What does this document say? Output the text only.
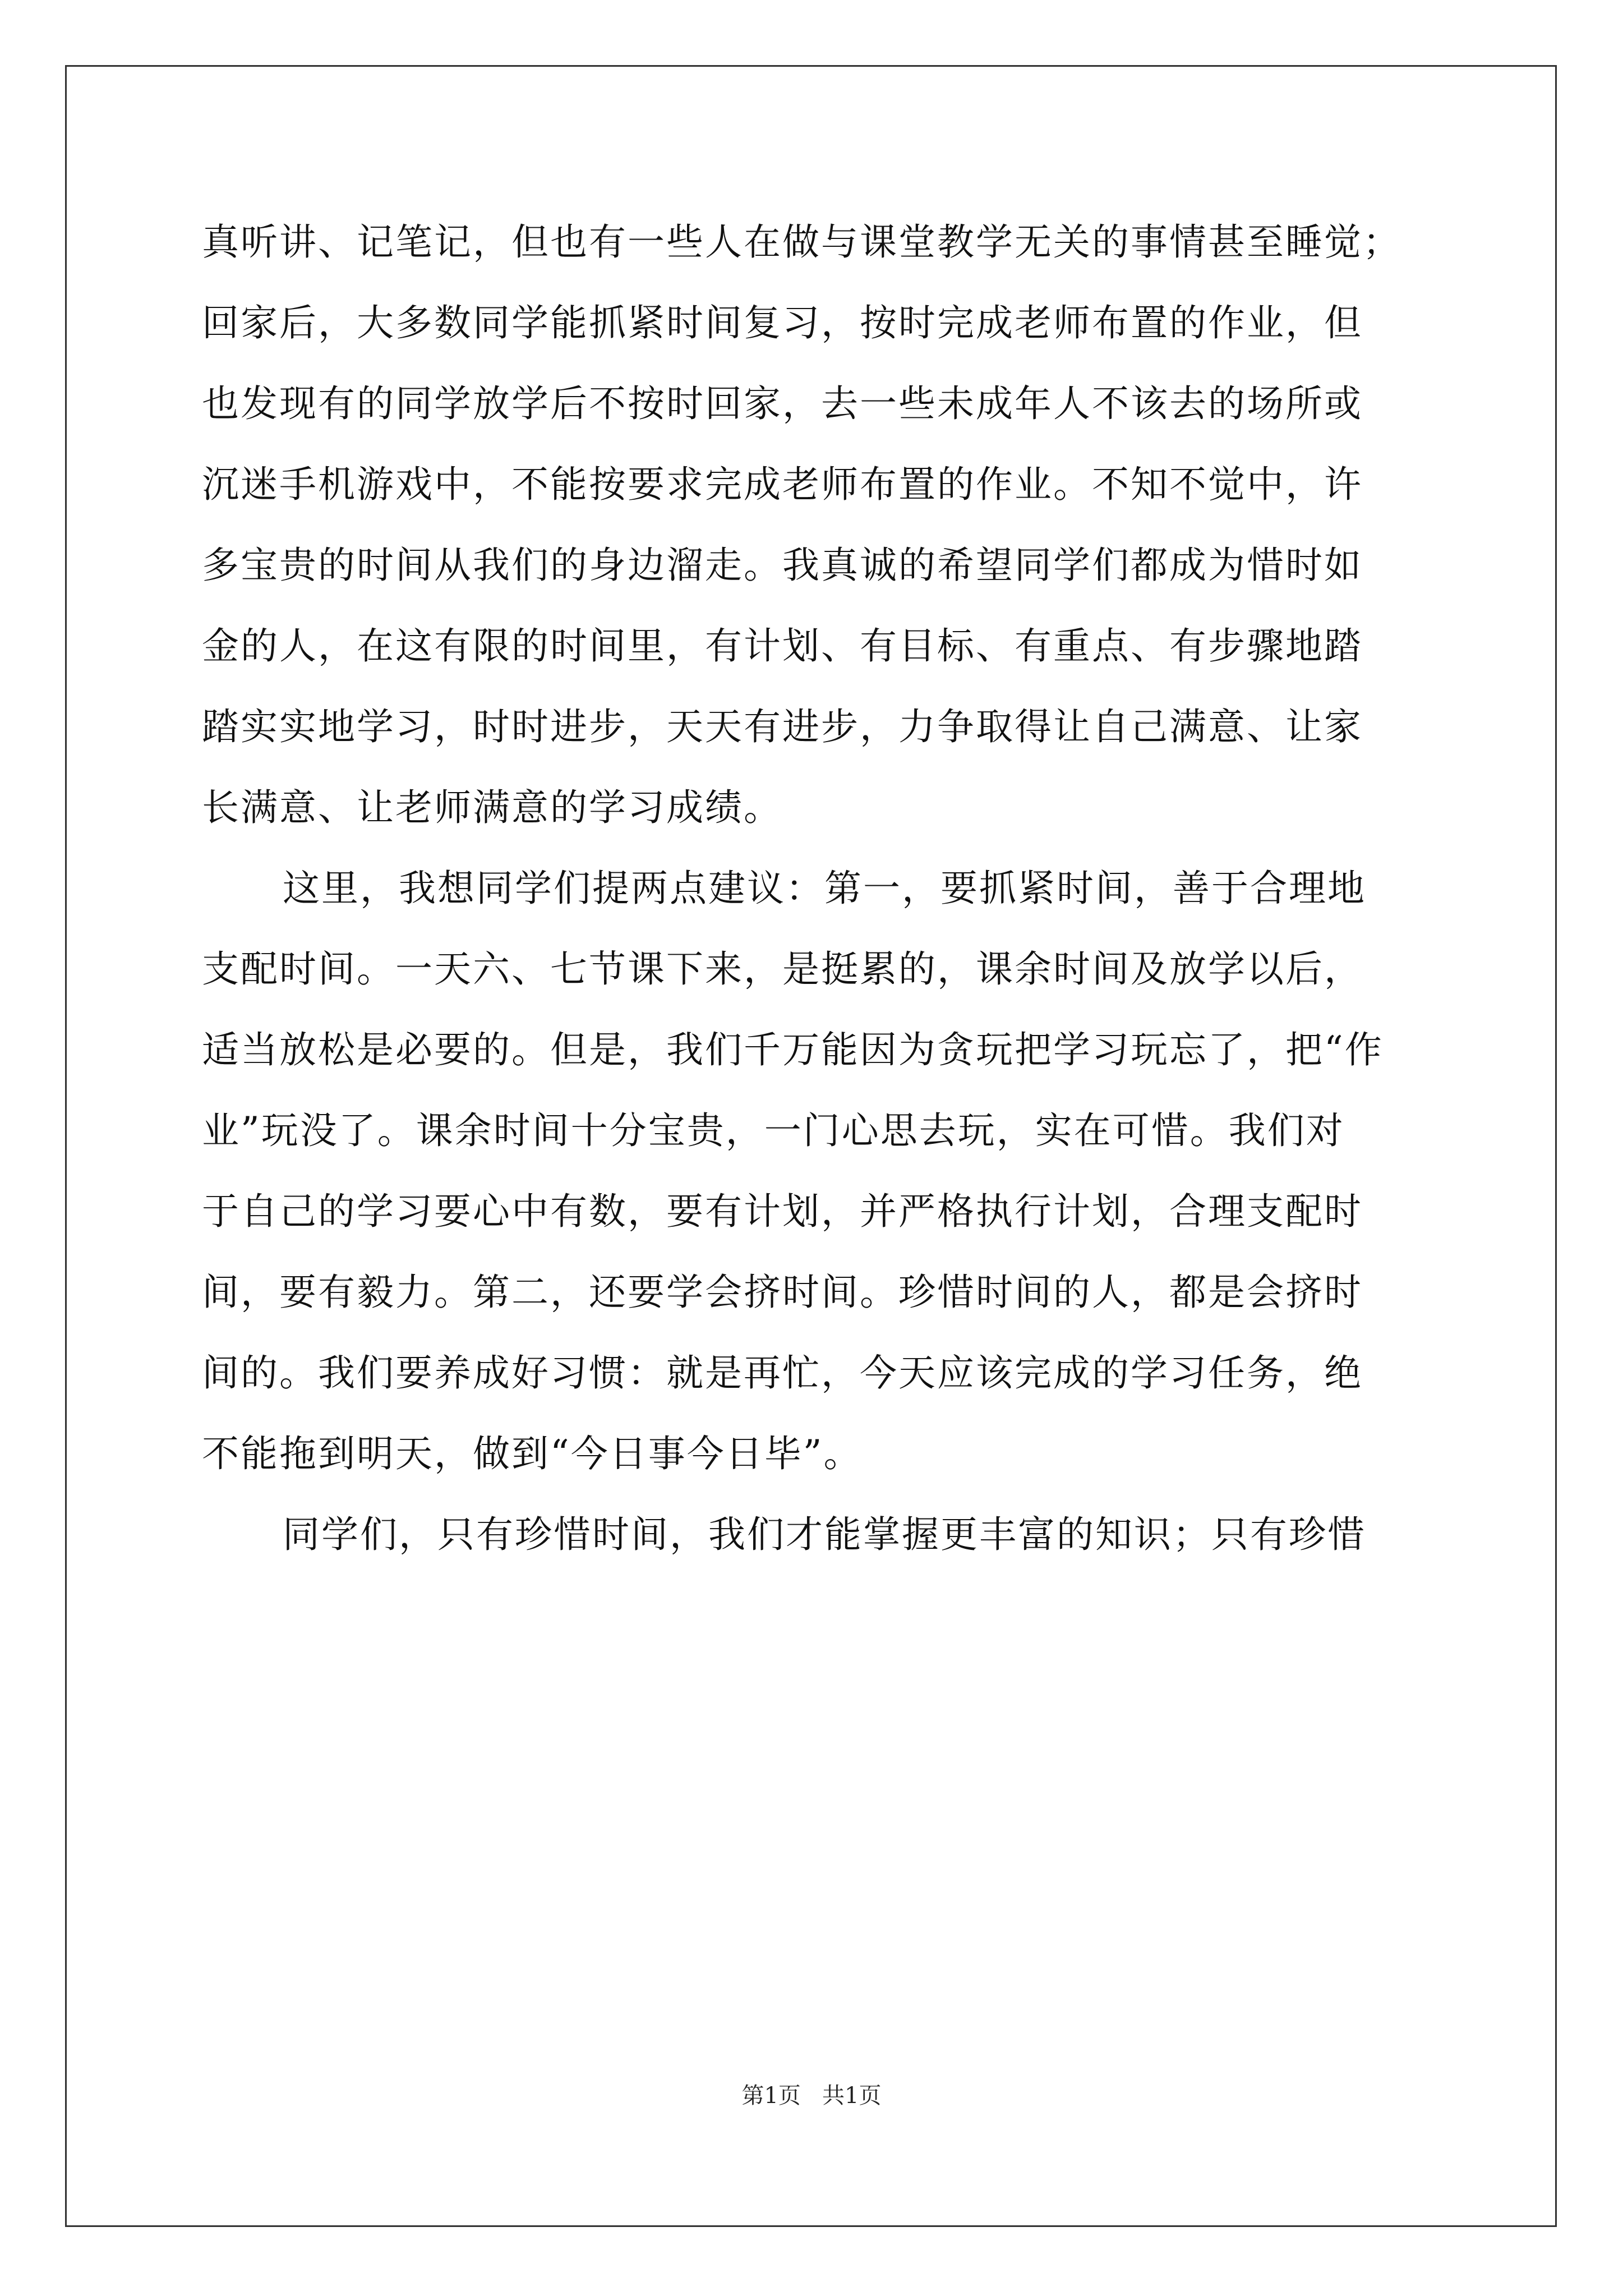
真听讲、记笔记，但也有一些人在做与课堂教学无关的事情甚至睡觉；
回家后，大多数同学能抓紧时间复习，按时完成老师布置的作业，但
也发现有的同学放学后不按时回家，去一些未成年人不该去的场所或
沉迷手机游戏中，不能按要求完成老师布置的作业。不知不觉中，许
多宝贵的时间从我们的身边溜走。我真诚的希望同学们都成为惜时如
金的人，在这有限的时间里，有计划、有目标、有重点、有步骤地踏
踏实实地学习，时时进步，天天有进步，力争取得让自己满意、让家
长满意、让老师满意的学习成绩。

这里，我想同学们提两点建议：第一，要抓紧时间，善于合理地
支配时间。一天六、七节课下来，是挺累的，课余时间及放学以后，
适当放松是必要的。但是，我们千万能因为贪玩把学习玩忘了，把“作
业”玩没了。课余时间十分宝贵，一门心思去玩，实在可惜。我们对
于自己的学习要心中有数，要有计划，并严格执行计划，合理支配时
间，要有毅力。第二，还要学会挤时间。珍惜时间的人，都是会挤时
间的。我们要养成好习惯：就是再忙，今天应该完成的学习任务，绝
不能拖到明天，做到“今日事今日毕”。

同学们，只有珍惜时间，我们才能掌握更丰富的知识；只有珍惜

第1页   共1页
